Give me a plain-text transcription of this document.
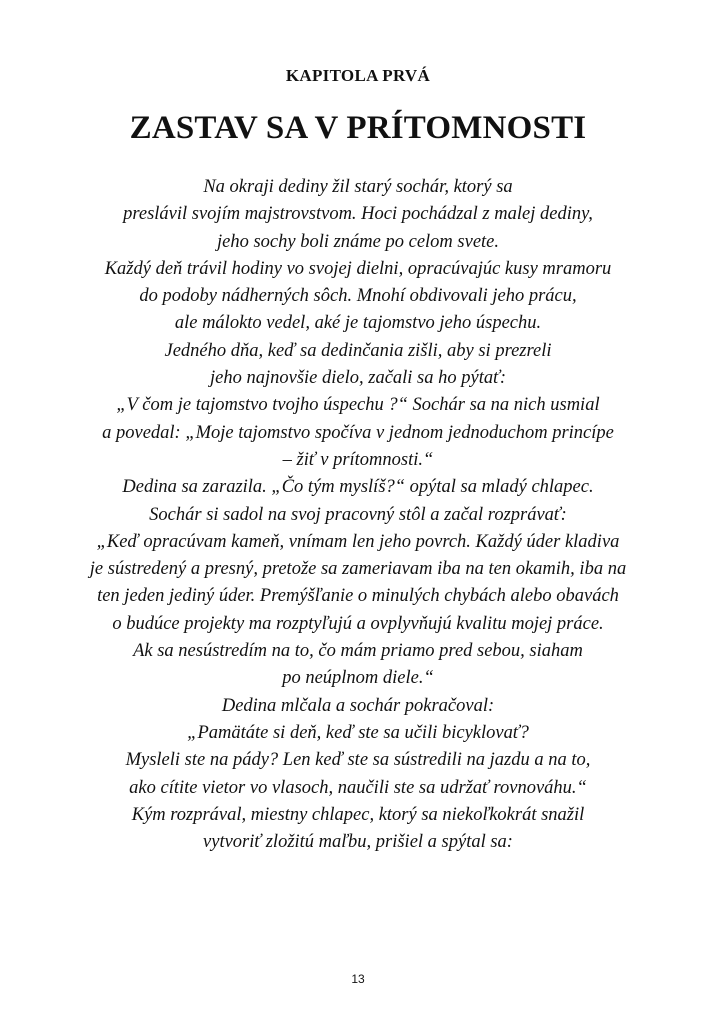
KAPITOLA PRVÁ
ZASTAV SA V PRÍTOMNOSTI
Na okraji dediny žil starý sochár, ktorý sa
preslávil svojím majstrovstvom. Hoci pochádzal z malej dediny,
jeho sochy boli známe po celom svete.
Každý deň trávil hodiny vo svojej dielni, opracúvajúc kusy mramoru
do podoby nádherných sôch. Mnohí obdivovali jeho prácu,
ale málokto vedel, aké je tajomstvo jeho úspechu.
Jedného dňa, keď sa dedinčania zišli, aby si prezreli
jeho najnovšie dielo, začali sa ho pýtať:
„V čom je tajomstvo tvojho úspechu ?“ Sochár sa na nich usmial
a povedal: „Moje tajomstvo spočíva v jednom jednoduchom princípe
– žiť v prítomnosti.“
Dedina sa zarazila. „Čo tým myslíš?“ opýtal sa mladý chlapec.
Sochár si sadol na svoj pracovný stôl a začal rozprávať:
„Keď opracúvam kameň, vnímam len jeho povrch. Každý úder kladiva
je sústredený a presný, pretože sa zameriavam iba na ten okamih, iba na
ten jeden jediný úder. Premýšľanie o minulých chybách alebo obavách
o budúce projekty ma rozptyľujú a ovplyvňujú kvalitu mojej práce.
Ak sa nesústredím na to, čo mám priamo pred sebou, siaham
po neúplnom diele.“
Dedina mlčala a sochár pokračoval:
„Pamätáte si deň, keď ste sa učili bicyklovať?
Mysleli ste na pády? Len keď ste sa sústredili na jazdu a na to,
ako cítite vietor vo vlasoch, naučili ste sa udržať rovnováhu.“
Kým rozprával, miestny chlapec, ktorý sa niekoľkokrát snažil
vytvoriť zložitú maľbu, prišiel a spýtal sa:
13
